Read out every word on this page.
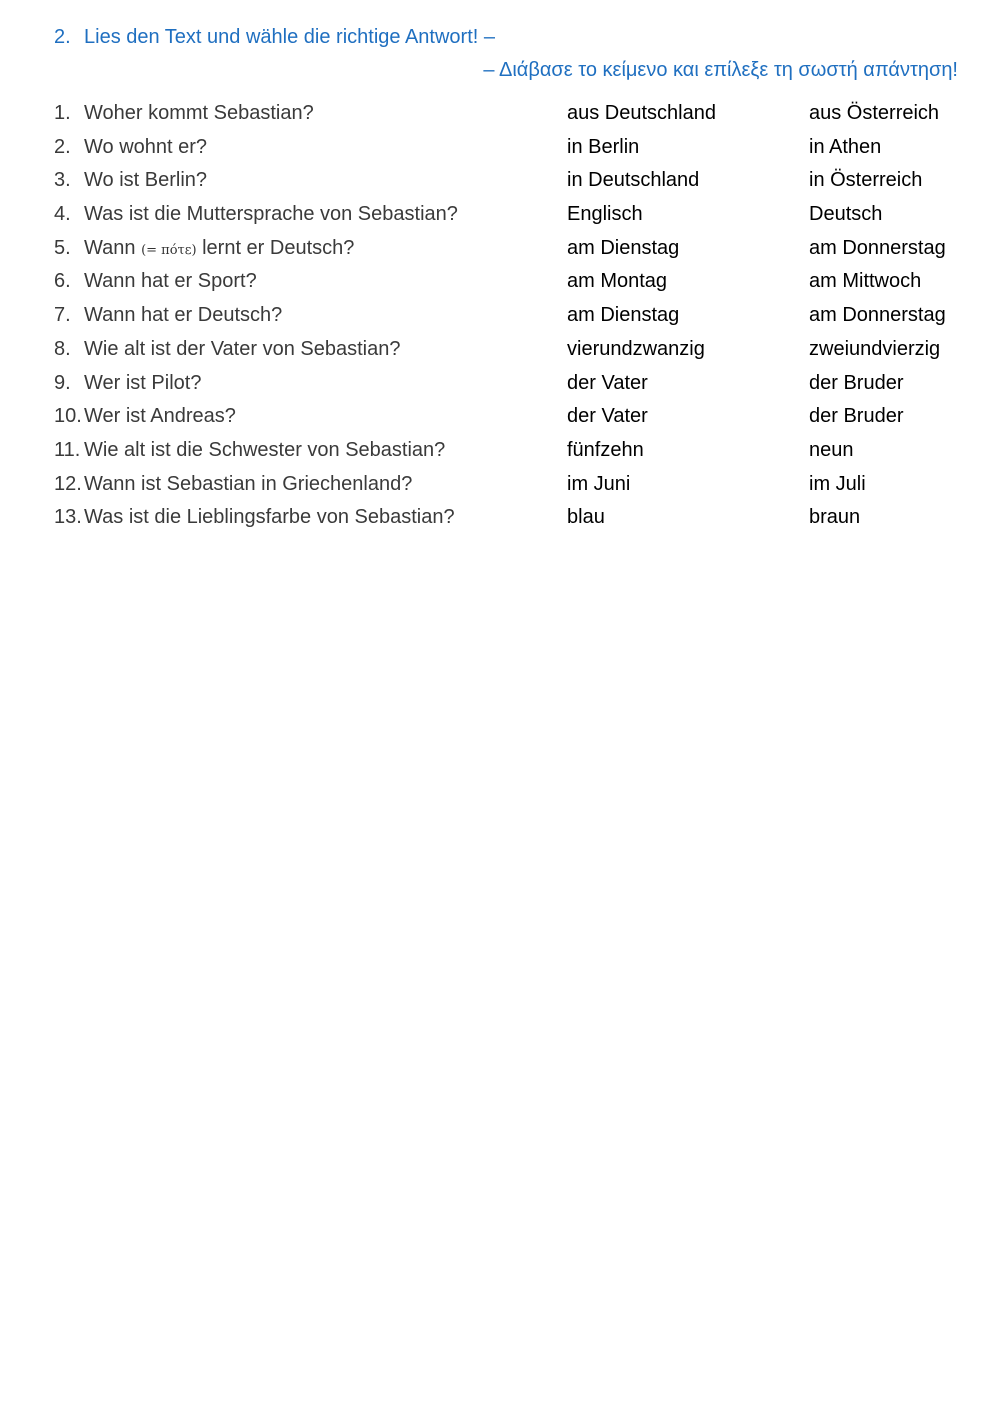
2. Lies den Text und wähle die richtige Antwort! –
– Διάβασε το κείμενο και επίλεξε τη σωστή απάντηση!
1. Woher kommt Sebastian?	aus Deutschland	aus Österreich
2. Wo wohnt er?	in Berlin	in Athen
3. Wo ist Berlin?	in Deutschland	in Österreich
4. Was ist die Muttersprache von Sebastian?	Englisch	Deutsch
5. Wann (= πότε) lernt er Deutsch?	am Dienstag	am Donnerstag
6. Wann hat er Sport?	am Montag	am Mittwoch
7. Wann hat er Deutsch?	am Dienstag	am Donnerstag
8. Wie alt ist der Vater von Sebastian?	vierundzwanzig	zweiundvierzig
9. Wer ist Pilot?	der Vater	der Bruder
10. Wer ist Andreas?	der Vater	der Bruder
11. Wie alt ist die Schwester von Sebastian?	fünfzehn	neun
12. Wann ist Sebastian in Griechenland?	im Juni	im Juli
13. Was ist die Lieblingsfarbe von Sebastian?	blau	braun
